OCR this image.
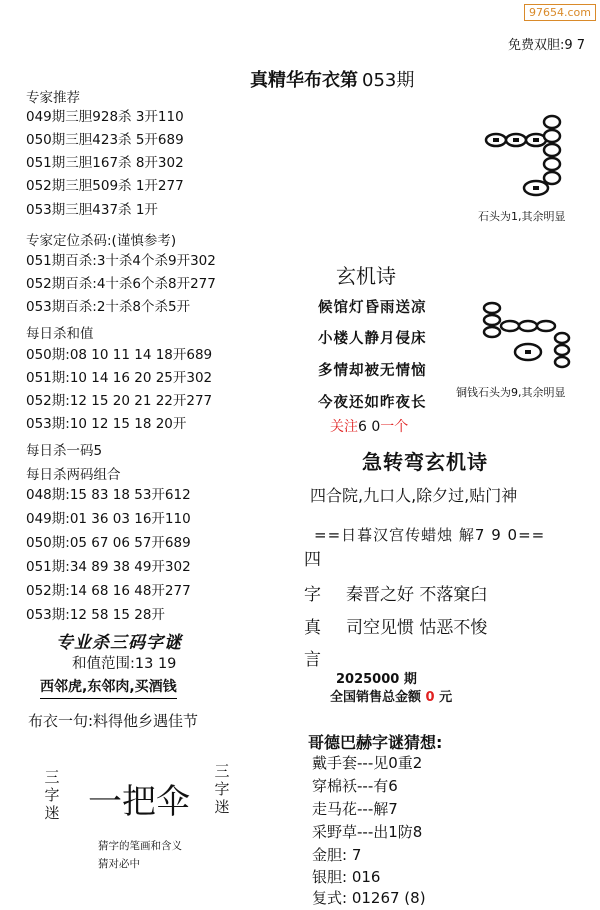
97654.com
免费双胆:9 7
真精华布衣第 053期
专家推荐
049期三胆928杀 3开110
050期三胆423杀 5开689
051期三胆167杀 8开302
052期三胆509杀 1开277
053期三胆437杀 1开
专家定位杀码:(谨慎参考)
051期百杀:3十杀4个杀9开302
052期百杀:4十杀6个杀8开277
053期百杀:2十杀8个杀5开
每日杀和值
050期:08 10 11 14 18开689
051期:10 14 16 20 25开302
052期:12 15 20 21 22开277
053期:10 12 15 18 20开
每日杀一码5
每日杀两码组合
048期:15 83 18 53开612
049期:01 36 03 16开110
050期:05 67 06 57开689
051期:34 89 38 49开302
052期:14 68 16 48开277
053期:12 58 15 28开
专业杀三码字谜
和值范围:13 19
西邻虎,东邻肉,买酒钱
布衣一句:料得他乡遇佳节
三字迷 一把伞
三字迷
猜字的笔画和含义
猜对必中
石头为1,其余明显
铜钱石头为9,其余明显
玄机诗
候馆灯昏雨送凉
小楼人静月侵床
多情却被无情恼
今夜还如昨夜长
关注6 0一个
急转弯玄机诗
四合院,九口人,除夕过,贴门神
==日暮汉宫传蜡烛 解7 9 0==
四
字
真
言
秦晋之好 不落窠臼
司空见惯 怙恶不悛
2025000 期
全国销售总金额 0 元
哥德巴赫字谜猜想:
戴手套---见0重2
穿棉袄---有6
走马花---解7
采野草---出1防8
金胆: 7
银胆: 016
复式: 01267 (8)
